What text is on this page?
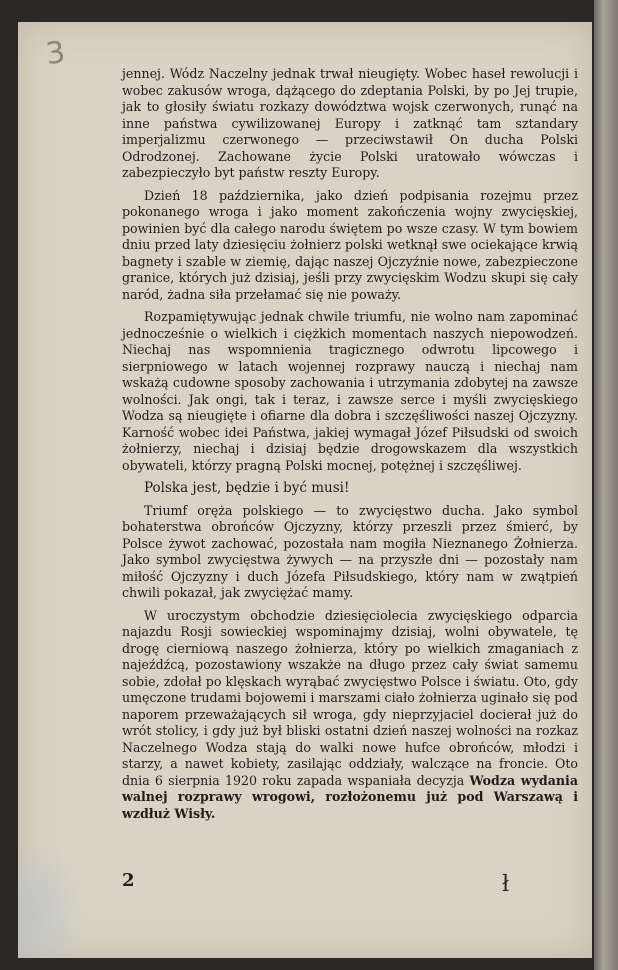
3

jennej. Wódz Naczelny jednak trwał nieugięty. Wobec haseł rewolucji i wobec zakusów wroga, dążącego do zdeptania Polski, by po Jej trupie, jak to głosiły światu rozkazy dowództwa wojsk czerwonych, runąć na inne państwa cywilizowanej Europy i zatknąć tam sztandary imperjalizmu czerwonego — przeciwstawił On ducha Polski Odrodzonej. Zachowane życie Polski uratowało wówczas i zabezpieczyło byt państw reszty Europy.

Dzień 18 października, jako dzień podpisania rozejmu przez pokonanego wroga i jako moment zakończenia wojny zwycięskiej, powinien być dla całego narodu świętem po wsze czasy. W tym bowiem dniu przed laty dziesięciu żołnierz polski wetknął swe ociekające krwią bagnety i szable w ziemię, dając naszej Ojczyźnie nowe, zabezpieczone granice, których już dzisiaj, jeśli przy zwycięskim Wodzu skupi się cały naród, żadna siła przełamać się nie poważy.

Rozpamiętywując jednak chwile triumfu, nie wolno nam zapominać jednocześnie o wielkich i ciężkich momentach naszych niepowodzeń. Niechaj nas wspomnienia tragicznego odwrotu lipcowego i sierpniowego w latach wojennej rozprawy nauczą i niechaj nam wskażą cudowne sposoby zachowania i utrzymania zdobytej na zawsze wolności. Jak ongi, tak i teraz, i zawsze serce i myśli zwycięskiego Wodza są nieugięte i ofiarne dla dobra i szczęśliwości naszej Ojczyzny. Karność wobec idei Państwa, jakiej wymagał Józef Piłsudski od swoich żołnierzy, niechaj i dzisiaj będzie drogowskazem dla wszystkich obywateli, którzy pragną Polski mocnej, potężnej i szczęśliwej.

Polska jest, będzie i być musi!

Triumf oręża polskiego — to zwycięstwo ducha. Jako symbol bohaterstwa obrońców Ojczyzny, którzy przeszli przez śmierć, by Polsce żywot zachować, pozostała nam mogiła Nieznanego Żołnierza. Jako symbol zwycięstwa żywych — na przyszłe dni — pozostały nam miłość Ojczyzny i duch Józefa Piłsudskiego, który nam w zwątpień chwili pokazał, jak zwyciężać mamy.

W uroczystym obchodzie dziesięciolecia zwycięskiego odparcia najazdu Rosji sowieckiej wspominajmy dzisiaj, wolni obywatele, tę drogę cierniową naszego żołnierza, który po wielkich zmaganiach z najeźdźcą, pozostawiony wszakże na długo przez cały świat samemu sobie, zdołał po klęskach wyrąbać zwycięstwo Polsce i światu. Oto, gdy umęczone trudami bojowemi i marszami ciało żołnierza uginało się pod naporem przeważających sił wroga, gdy nieprzyjaciel docierał już do wrót stolicy, i gdy już był bliski ostatni dzień naszej wolności na rozkaz Naczelnego Wodza stają do walki nowe hufce obrońców, młodzi i starzy, a nawet kobiety, zasilając oddziały, walczące na froncie. Oto dnia 6 sierpnia 1920 roku zapada wspaniała decyzja Wodza wydania walnej rozprawy wrogowi, rozłożonemu już pod Warszawą i wzdłuż Wisły.

2	ł
